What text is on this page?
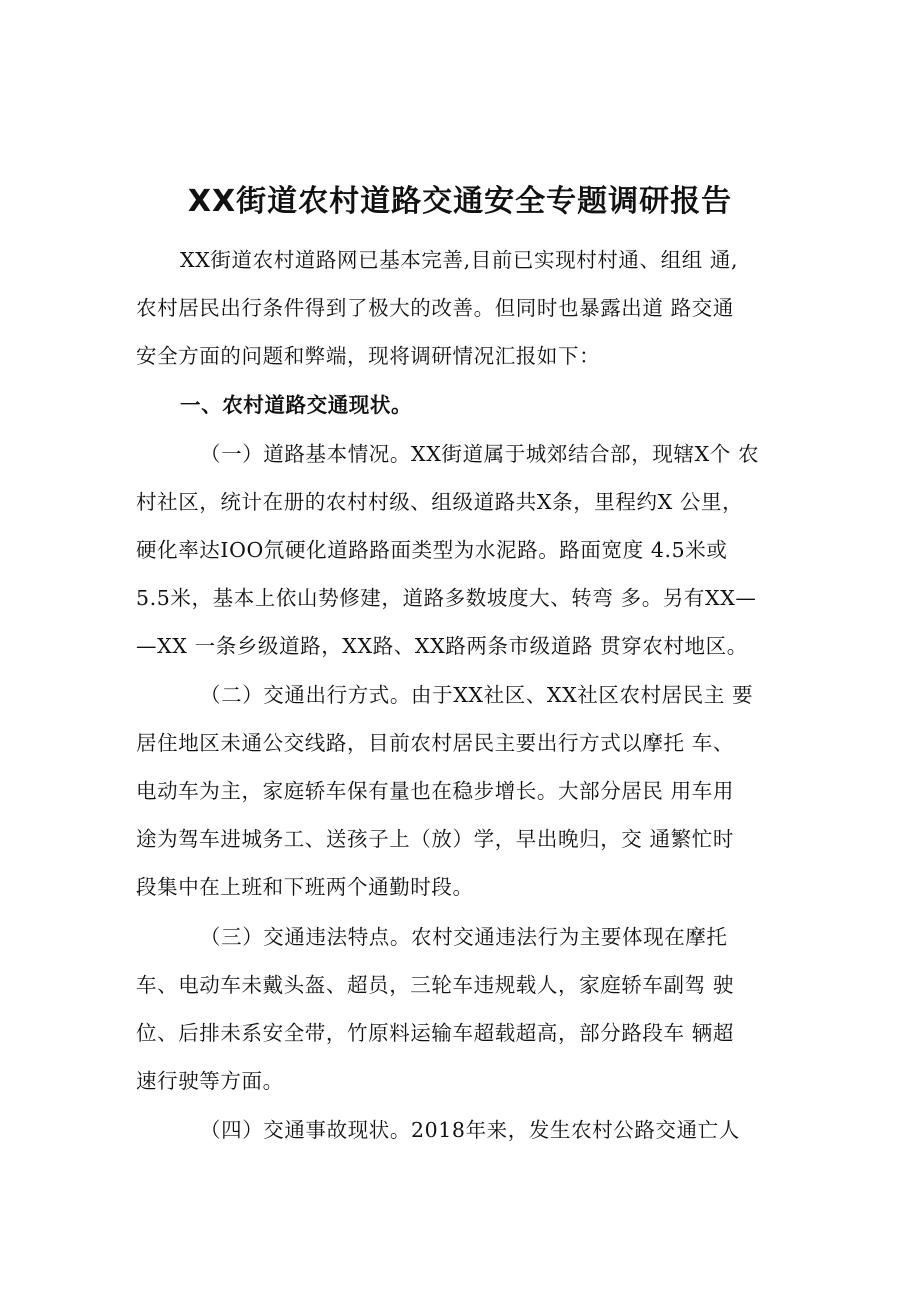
XX街道农村道路交通安全专题调研报告
XX街道农村道路网已基本完善,目前已实现村村通、组组 通,
农村居民出行条件得到了极大的改善。但同时也暴露出道 路交通
安全方面的问题和弊端，现将调研情况汇报如下：
一、农村道路交通现状。
（一）道路基本情况。XX街道属于城郊结合部，现辖X个 农
村社区，统计在册的农村村级、组级道路共X条，里程约X 公里，
硬化率达IOO氘硬化道路路面类型为水泥路。路面宽度 4.5米或
5.5米，基本上依山势修建，道路多数坡度大、转弯 多。另有XX—
—XX 一条乡级道路，XX路、XX路两条市级道路 贯穿农村地区。
（二）交通出行方式。由于XX社区、XX社区农村居民主 要
居住地区未通公交线路，目前农村居民主要出行方式以摩托 车、
电动车为主，家庭轿车保有量也在稳步增长。大部分居民 用车用
途为驾车进城务工、送孩子上（放）学，早出晚归，交 通繁忙时
段集中在上班和下班两个通勤时段。
（三）交通违法特点。农村交通违法行为主要体现在摩托
车、电动车未戴头盔、超员，三轮车违规载人，家庭轿车副驾 驶
位、后排未系安全带，竹原料运输车超载超高，部分路段车 辆超
速行驶等方面。
（四）交通事故现状。2018年来，发生农村公路交通亡人
